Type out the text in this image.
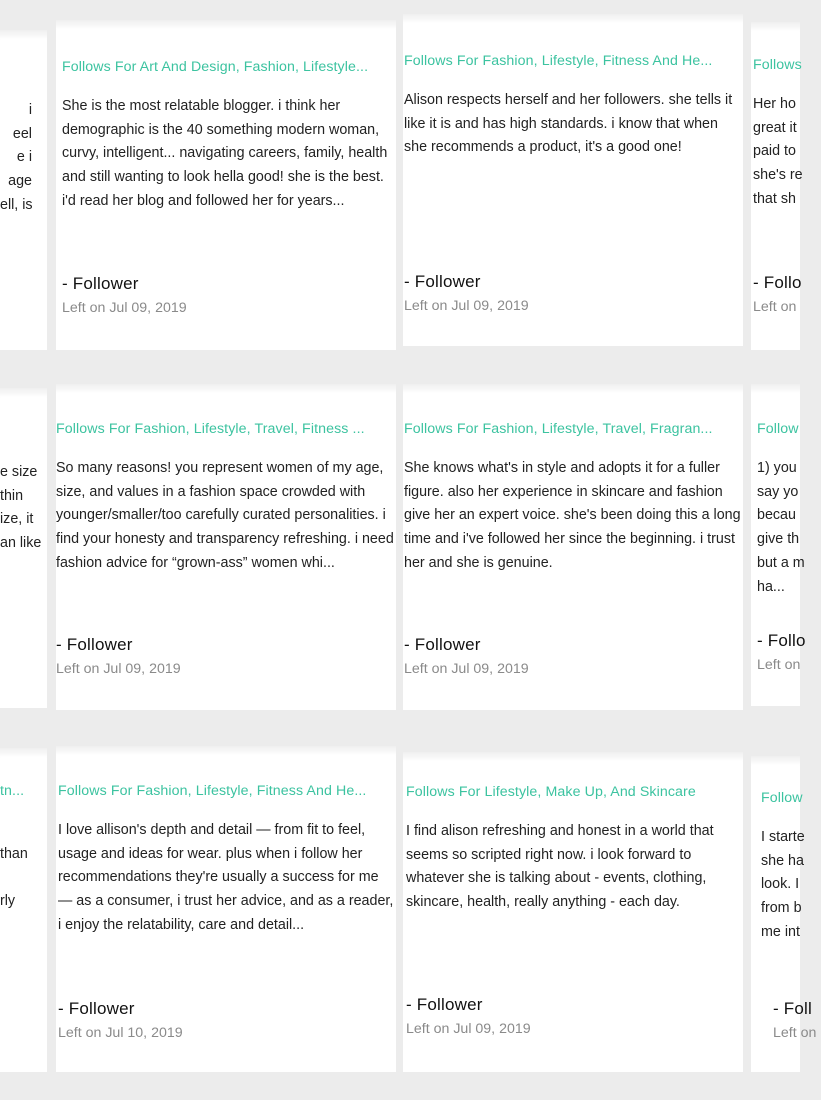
i
eel
e i
age
ell, is
Follows For Art And Design, Fashion, Lifestyle...
She is the most relatable blogger. i think her demographic is the 40 something modern woman, curvy, intelligent... navigating careers, family, health and still wanting to look hella good! she is the best. i'd read her blog and followed her for years...
- Follower
Left on Jul 09, 2019
Follows For Fashion, Lifestyle, Fitness And He...
Alison respects herself and her followers. she tells it like it is and has high standards. i know that when she recommends a product, it's a good one!
- Follower
Left on Jul 09, 2019
Follows
Her ho
great it
paid to
she's re
that sh
- Follo
Left on
e size
thin
ize, it
an like
Follows For Fashion, Lifestyle, Travel, Fitness ...
So many reasons! you represent women of my age, size, and values in a fashion space crowded with younger/smaller/too carefully curated personalities. i find your honesty and transparency refreshing. i need fashion advice for “grown-ass” women whi...
- Follower
Left on Jul 09, 2019
Follows For Fashion, Lifestyle, Travel, Fragran...
She knows what's in style and adopts it for a fuller figure. also her experience in skincare and fashion give her an expert voice. she's been doing this a long time and i've followed her since the beginning. i trust her and she is genuine.
- Follower
Left on Jul 09, 2019
Follow
1) you
say yo
becau
give th
but a m
ha...
- Follo
Left on
tn...

than

rly
Follows For Fashion, Lifestyle, Fitness And He...
I love allison's depth and detail — from fit to feel, usage and ideas for wear. plus when i follow her recommendations they're usually a success for me — as a consumer, i trust her advice, and as a reader, i enjoy the relatability, care and detail...
- Follower
Left on Jul 10, 2019
Follows For Lifestyle, Make Up, And Skincare
I find alison refreshing and honest in a world that seems so scripted right now. i look forward to whatever she is talking about - events, clothing, skincare, health, really anything - each day.
- Follower
Left on Jul 09, 2019
Follow
I starte
she ha
look. I
from b
me int
- Foll
Left on
